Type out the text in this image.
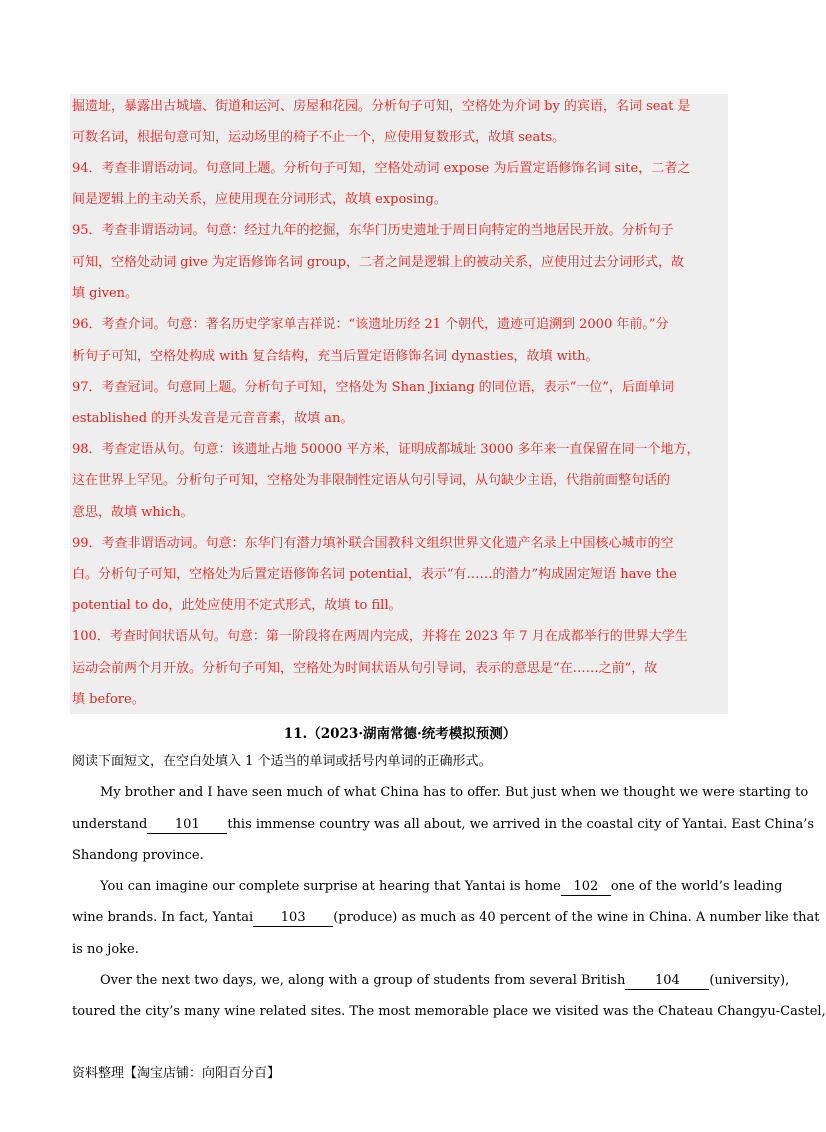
掘遗址，暴露出古城墙、街道和运河、房屋和花园。分析句子可知，空格处为介词 by 的宾语，名词 seat 是
可数名词，根据句意可知，运动场里的椅子不止一个，应使用复数形式，故填 seats。
94．考查非谓语动词。句意同上题。分析句子可知，空格处动词 expose 为后置定语修饰名词 site，二者之
间是逻辑上的主动关系，应使用现在分词形式，故填 exposing。
95．考查非谓语动词。句意：经过九年的挖掘，东华门历史遗址于周日向特定的当地居民开放。分析句子
可知，空格处动词 give 为定语修饰名词 group，二者之间是逻辑上的被动关系，应使用过去分词形式，故
填 given。
96．考查介词。句意：著名历史学家单吉祥说：“该遗址历经 21 个朝代，遗迹可追溯到 2000 年前。”分
析句子可知，空格处构成 with 复合结构，充当后置定语修饰名词 dynasties，故填 with。
97．考查冠词。句意同上题。分析句子可知，空格处为 Shan Jixiang 的同位语，表示“一位”，后面单词
established 的开头发音是元音音素，故填 an。
98．考查定语从句。句意：该遗址占地 50000 平方米，证明成都城址 3000 多年来一直保留在同一个地方，
这在世界上罕见。分析句子可知，空格处为非限制性定语从句引导词，从句缺少主语，代指前面整句话的
意思，故填 which。
99．考查非谓语动词。句意：东华门有潜力填补联合国教科文组织世界文化遗产名录上中国核心城市的空
白。分析句子可知，空格处为后置定语修饰名词 potential，表示“有……的潜力”构成固定短语 have the
potential to do，此处应使用不定式形式，故填 to fill。
100．考查时间状语从句。句意：第一阶段将在两周内完成，并将在 2023 年 7 月在成都举行的世界大学生
运动会前两个月开放。分析句子可知，空格处为时间状语从句引导词，表示的意思是“在……之前”，故
填 before。
11.（2023·湖南常德·统考模拟预测）
阅读下面短文，在空白处填入 1 个适当的单词或括号内单词的正确形式。
My brother and I have seen much of what China has to offer. But just when we thought we were starting to
understand 101 this immense country was all about, we arrived in the coastal city of Yantai. East China’s
Shandong province.
You can imagine our complete surprise at hearing that Yantai is home 102 one of the world’s leading
wine brands. In fact, Yantai 103 (produce) as much as 40 percent of the wine in China. A number like that
is no joke.
Over the next two days, we, along with a group of students from several British 104 (university),
toured the city’s many wine related sites. The most memorable place we visited was the Chateau Changyu-Castel,
资料整理【淘宝店铺：向阳百分百】
